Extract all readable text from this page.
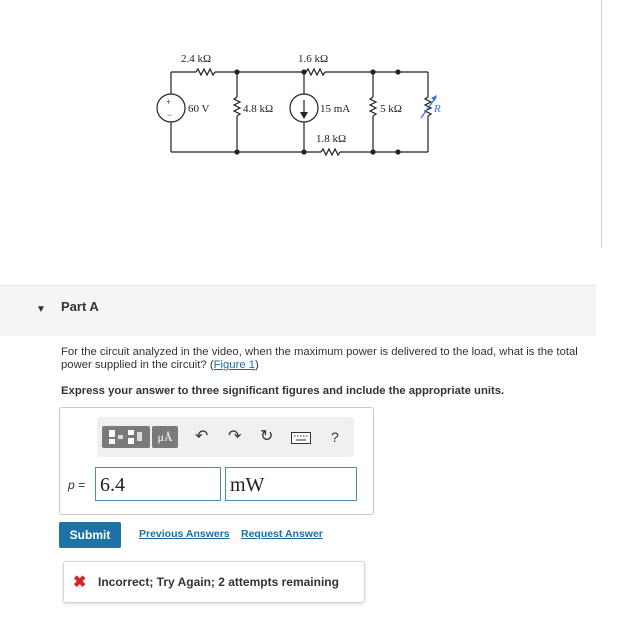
2.4 kΩ	1.6 kΩ
+
− 60 V	4.8 kΩ	15 mA
1.8 kΩ
5 kΩ	R
▼ Part A
For the circuit analyzed in the video, when the maximum power is delivered to the load, what is the total power supplied in the circuit? (Figure 1)
Express your answer to three significant figures and include the appropriate units.
μÅ	↶ ↷ ↻	?
p = 6.4	mW
Submit	Previous Answers Request Answer
✖ Incorrect; Try Again; 2 attempts remaining
